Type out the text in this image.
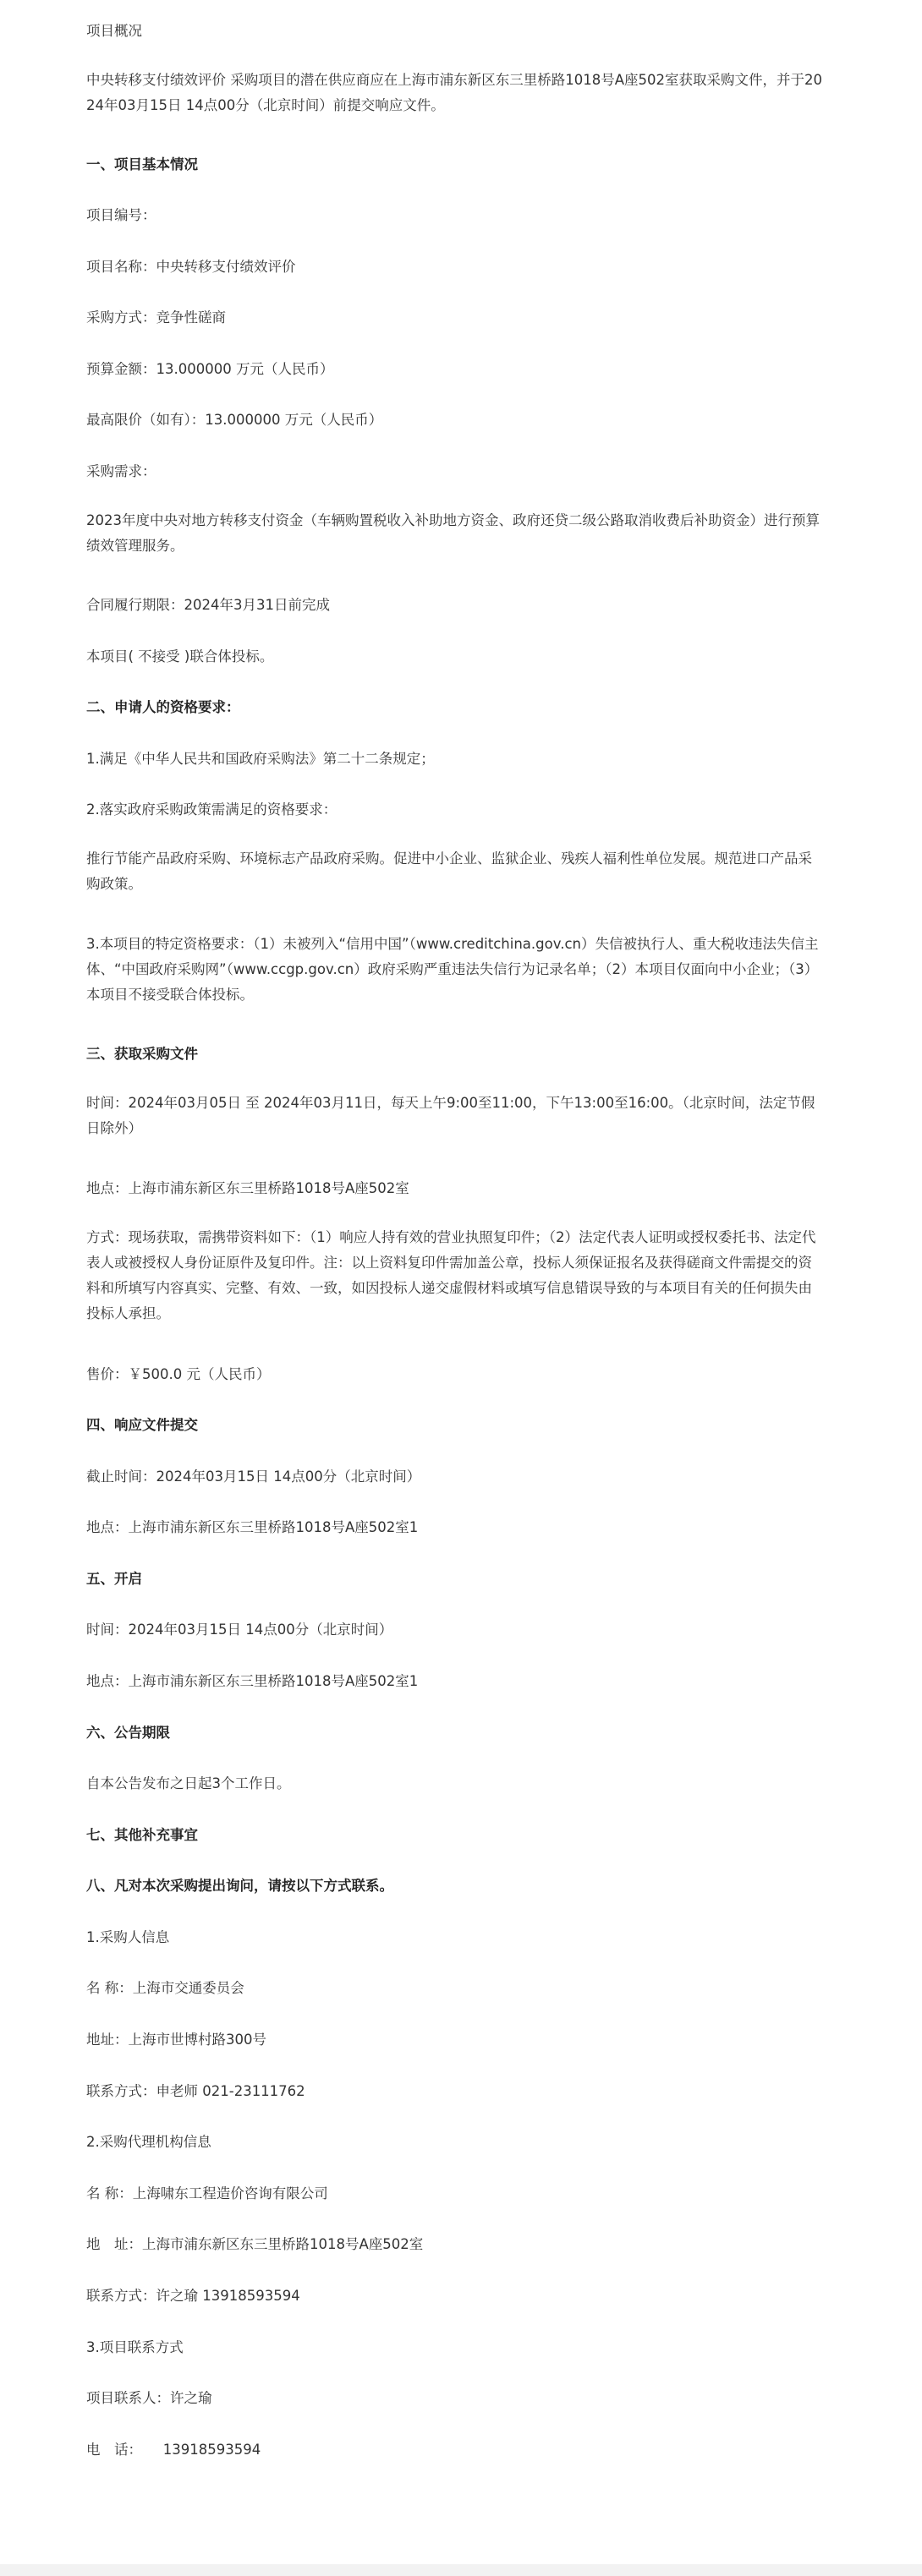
项目概况

中央转移支付绩效评价 采购项目的潜在供应商应在上海市浦东新区东三里桥路1018号A座502室获取采购文件，并于2024年03月15日 14点00分（北京时间）前提交响应文件。

一、项目基本情况

项目编号：

项目名称：中央转移支付绩效评价

采购方式：竞争性磋商

预算金额：13.000000 万元（人民币）

最高限价（如有）：13.000000 万元（人民币）

采购需求：

2023年度中央对地方转移支付资金（车辆购置税收入补助地方资金、政府还贷二级公路取消收费后补助资金）进行预算绩效管理服务。

合同履行期限：2024年3月31日前完成

本项目( 不接受 )联合体投标。

二、申请人的资格要求：

1.满足《中华人民共和国政府采购法》第二十二条规定；

2.落实政府采购政策需满足的资格要求：

推行节能产品政府采购、环境标志产品政府采购。促进中小企业、监狱企业、残疾人福利性单位发展。规范进口产品采购政策。

3.本项目的特定资格要求：（1）未被列入“信用中国”（www.creditchina.gov.cn）失信被执行人、重大税收违法失信主体、“中国政府采购网”（www.ccgp.gov.cn）政府采购严重违法失信行为记录名单；（2）本项目仅面向中小企业；（3）本项目不接受联合体投标。

三、获取采购文件

时间：2024年03月05日 至 2024年03月11日，每天上午9:00至11:00，下午13:00至16:00。（北京时间，法定节假日除外）

地点：上海市浦东新区东三里桥路1018号A座502室

方式：现场获取，需携带资料如下：（1）响应人持有效的营业执照复印件；（2）法定代表人证明或授权委托书、法定代表人或被授权人身份证原件及复印件。注：以上资料复印件需加盖公章，投标人须保证报名及获得磋商文件需提交的资料和所填写内容真实、完整、有效、一致，如因投标人递交虚假材料或填写信息错误导致的与本项目有关的任何损失由投标人承担。

售价：￥500.0 元（人民币）

四、响应文件提交

截止时间：2024年03月15日 14点00分（北京时间）

地点：上海市浦东新区东三里桥路1018号A座502室1

五、开启

时间：2024年03月15日 14点00分（北京时间）

地点：上海市浦东新区东三里桥路1018号A座502室1

六、公告期限

自本公告发布之日起3个工作日。

七、其他补充事宜

八、凡对本次采购提出询问，请按以下方式联系。

1.采购人信息

名 称：上海市交通委员会

地址：上海市世博村路300号

联系方式：申老师 021-23111762

2.采购代理机构信息

名 称：上海啸东工程造价咨询有限公司

地　址：上海市浦东新区东三里桥路1018号A座502室

联系方式：许之瑜 13918593594

3.项目联系方式

项目联系人：许之瑜

电　话：　　13918593594
